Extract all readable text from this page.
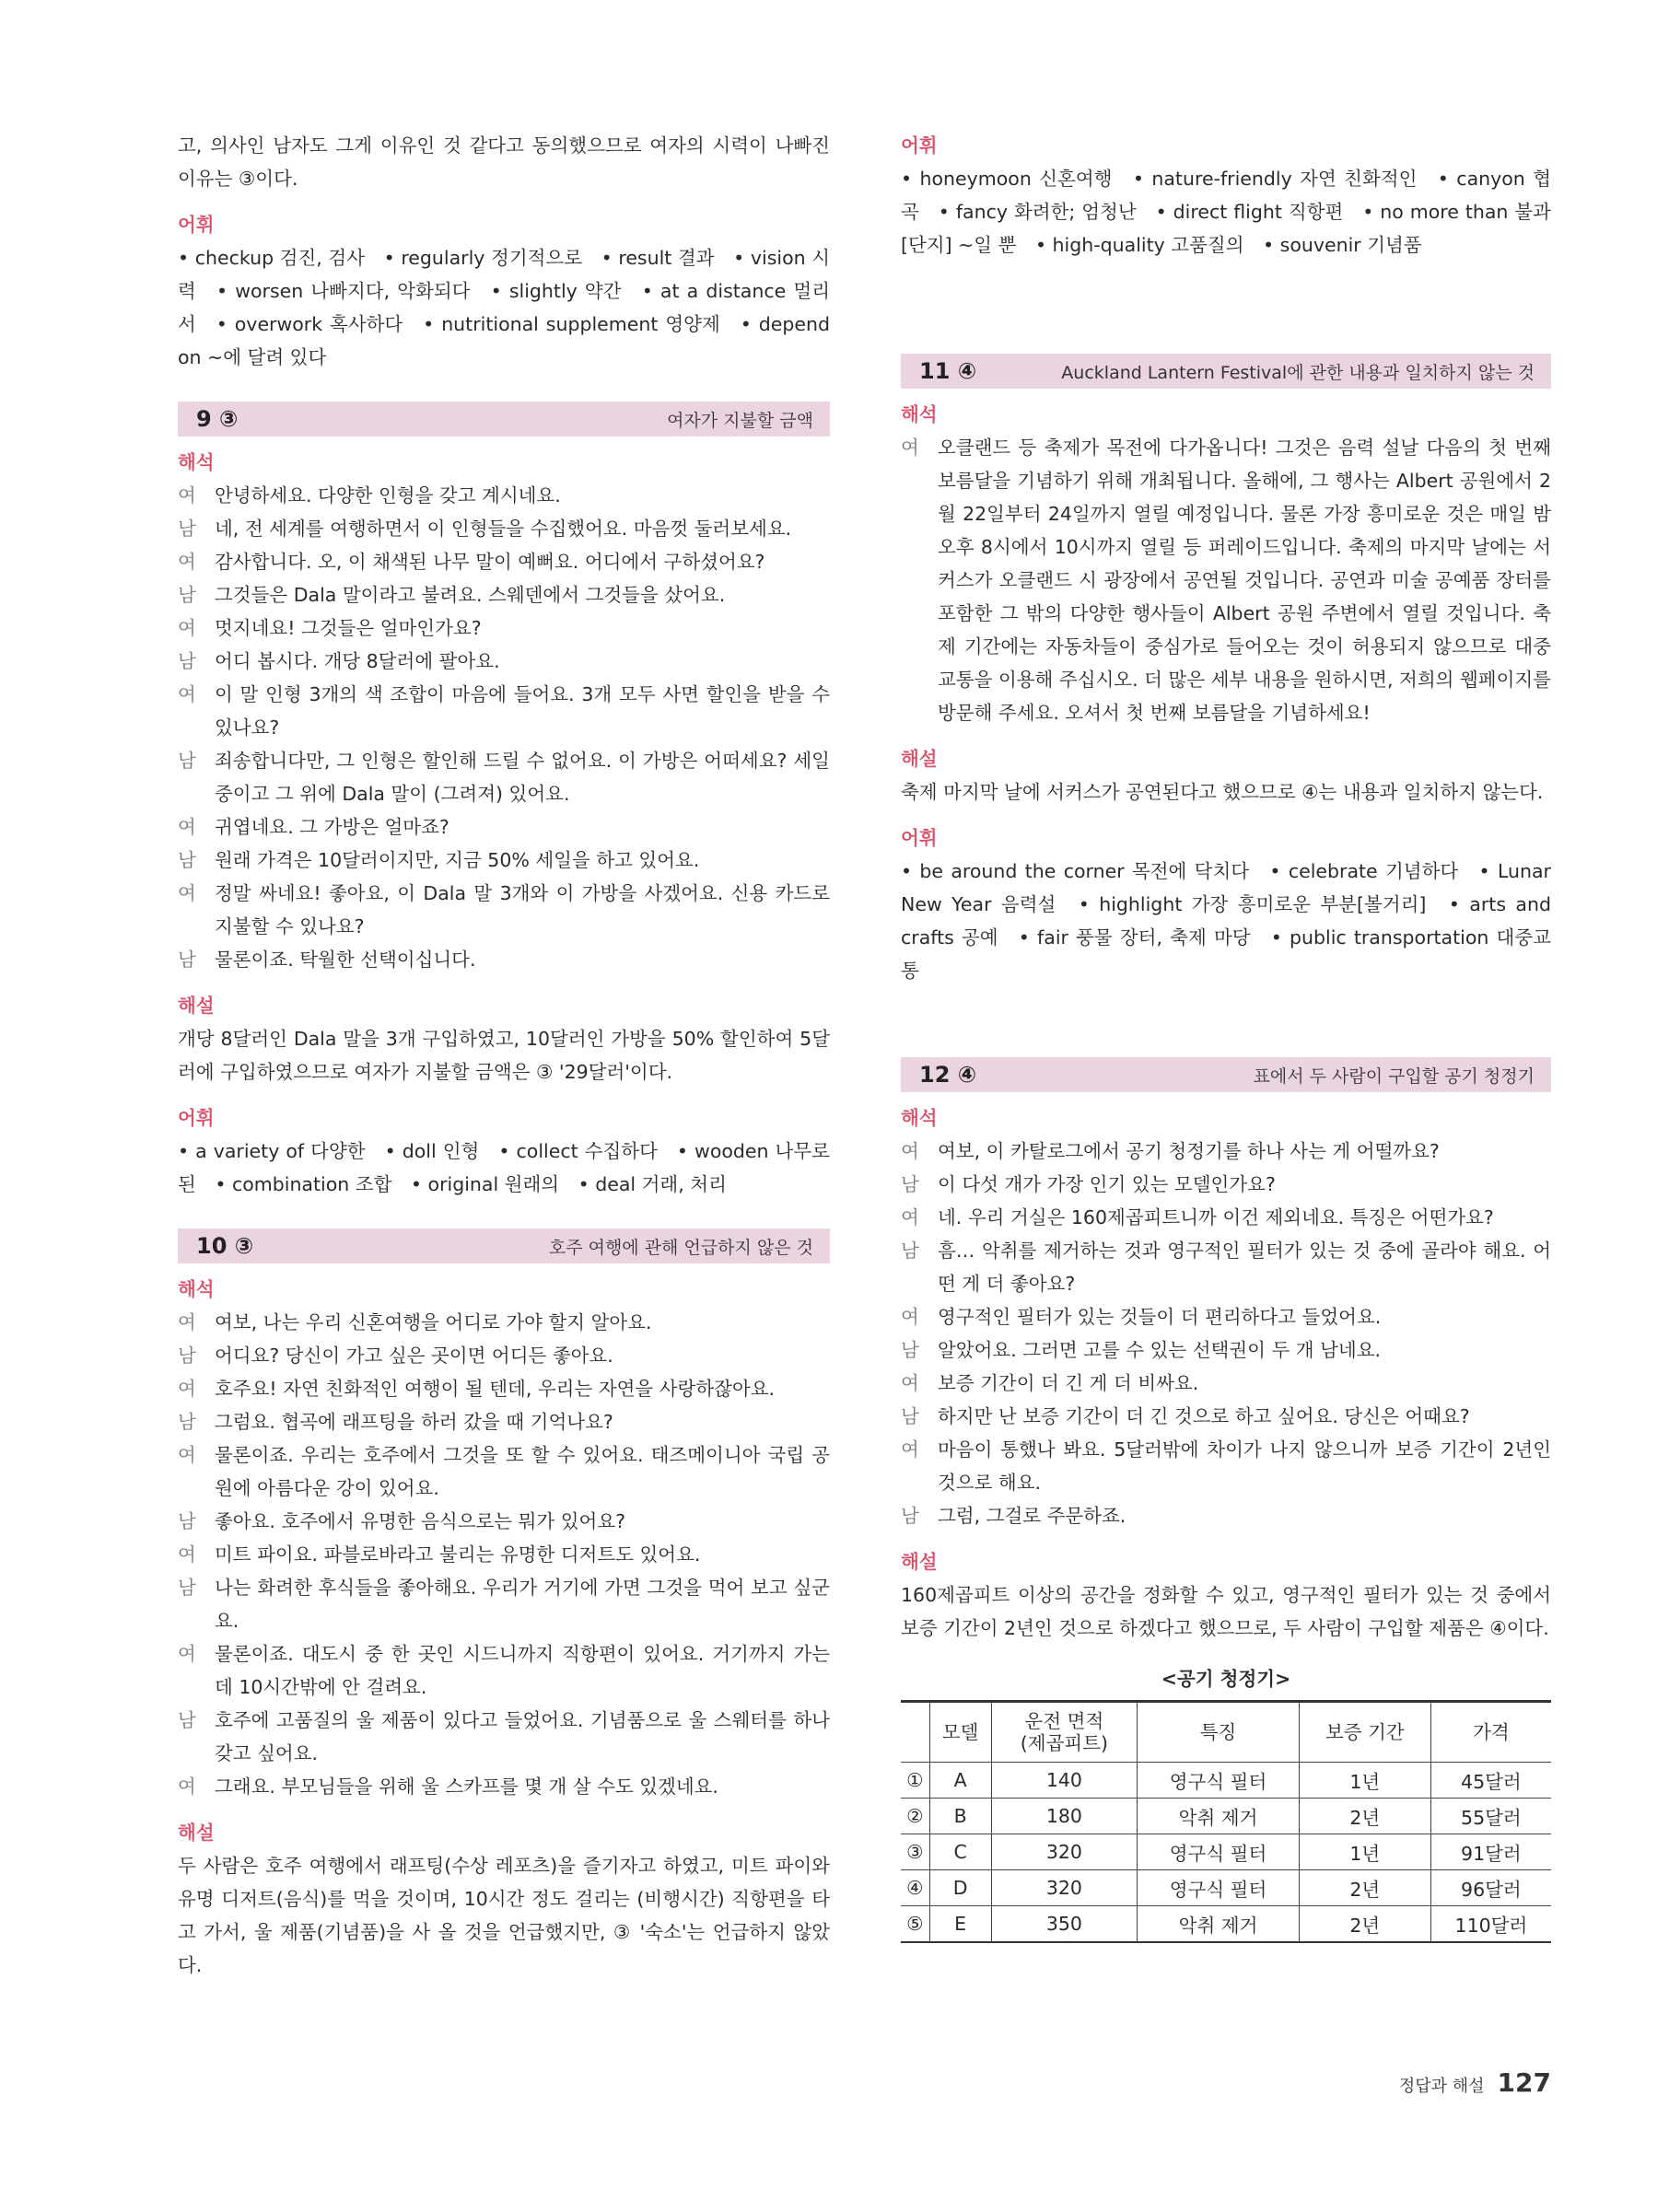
고, 의사인 남자도 그게 이유인 것 같다고 동의했으므로 여자의 시력이 나빠진 이유는 ③이다.

어휘
• checkup 검진, 검사 • regularly 정기적으로 • result 결과 • vision 시력 • worsen 나빠지다, 악화되다 • slightly 약간 • at a distance 멀리서 • overwork 혹사하다 • nutritional supplement 영양제 • depend on ~에 달려 있다
9 ③	여자가 지불할 금액
해석
여 안녕하세요. 다양한 인형을 갖고 계시네요.
남 네, 전 세계를 여행하면서 이 인형들을 수집했어요. 마음껏 둘러보세요.
여 감사합니다. 오, 이 채색된 나무 말이 예뻐요. 어디에서 구하셨어요?
남 그것들은 Dala 말이라고 불려요. 스웨덴에서 그것들을 샀어요.
여 멋지네요! 그것들은 얼마인가요?
남 어디 봅시다. 개당 8달러에 팔아요.
여 이 말 인형 3개의 색 조합이 마음에 들어요. 3개 모두 사면 할인을 받을 수 있나요?
남 죄송합니다만, 그 인형은 할인해 드릴 수 없어요. 이 가방은 어떠세요? 세일 중이고 그 위에 Dala 말이 (그려져) 있어요.
여 귀엽네요. 그 가방은 얼마죠?
남 원래 가격은 10달러이지만, 지금 50% 세일을 하고 있어요.
여 정말 싸네요! 좋아요, 이 Dala 말 3개와 이 가방을 사겠어요. 신용 카드로 지불할 수 있나요?
남 물론이죠. 탁월한 선택이십니다.
해설

개당 8달러인 Dala 말을 3개 구입하였고, 10달러인 가방을 50% 할인하여 5달러에 구입하였으므로 여자가 지불할 금액은 ③ '29달러'이다.

어휘
• a variety of 다양한 • doll 인형 • collect 수집하다 • wooden 나무로 된 • combination 조합 • original 원래의 • deal 거래, 처리
10 ③	호주 여행에 관해 언급하지 않은 것
해석
여 여보, 나는 우리 신혼여행을 어디로 가야 할지 알아요.
남 어디요? 당신이 가고 싶은 곳이면 어디든 좋아요.
여 호주요! 자연 친화적인 여행이 될 텐데, 우리는 자연을 사랑하잖아요.
남 그럼요. 협곡에 래프팅을 하러 갔을 때 기억나요?
여 물론이죠. 우리는 호주에서 그것을 또 할 수 있어요. 태즈메이니아 국립 공원에 아름다운 강이 있어요.
남 좋아요. 호주에서 유명한 음식으로는 뭐가 있어요?
여 미트 파이요. 파블로바라고 불리는 유명한 디저트도 있어요.
남 나는 화려한 후식들을 좋아해요. 우리가 거기에 가면 그것을 먹어 보고 싶군요.
여 물론이죠. 대도시 중 한 곳인 시드니까지 직항편이 있어요. 거기까지 가는 데 10시간밖에 안 걸려요.
남 호주에 고품질의 울 제품이 있다고 들었어요. 기념품으로 울 스웨터를 하나 갖고 싶어요.
여 그래요. 부모님들을 위해 울 스카프를 몇 개 살 수도 있겠네요.
해설

두 사람은 호주 여행에서 래프팅(수상 레포츠)을 즐기자고 하였고, 미트 파이와 유명 디저트(음식)를 먹을 것이며, 10시간 정도 걸리는 (비행시간) 직항편을 타고 가서, 울 제품(기념품)을 사 올 것을 언급했지만, ③ '숙소'는 언급하지 않았다.

어휘
• honeymoon 신혼여행 • nature-friendly 자연 친화적인 • canyon 협곡 • fancy 화려한; 엄청난 • direct flight 직항편 • no more than 불과[단지] ~일 뿐 • high-quality 고품질의 • souvenir 기념품
11 ④	Auckland Lantern Festival에 관한 내용과 일치하지 않는 것
해석
여 오클랜드 등 축제가 목전에 다가옵니다! 그것은 음력 설날 다음의 첫 번째 보름달을 기념하기 위해 개최됩니다. 올해에, 그 행사는 Albert 공원에서 2월 22일부터 24일까지 열릴 예정입니다. 물론 가장 흥미로운 것은 매일 밤 오후 8시에서 10시까지 열릴 등 퍼레이드입니다. 축제의 마지막 날에는 서커스가 오클랜드 시 광장에서 공연될 것입니다. 공연과 미술 공예품 장터를 포함한 그 밖의 다양한 행사들이 Albert 공원 주변에서 열릴 것입니다. 축제 기간에는 자동차들이 중심가로 들어오는 것이 허용되지 않으므로 대중교통을 이용해 주십시오. 더 많은 세부 내용을 원하시면, 저희의 웹페이지를 방문해 주세요. 오셔서 첫 번째 보름달을 기념하세요!
해설

축제 마지막 날에 서커스가 공연된다고 했으므로 ④는 내용과 일치하지 않는다.

어휘
• be around the corner 목전에 닥치다 • celebrate 기념하다 • Lunar New Year 음력설 • highlight 가장 흥미로운 부분[볼거리] • arts and crafts 공예 • fair 풍물 장터, 축제 마당 • public transportation 대중교통
12 ④	표에서 두 사람이 구입할 공기 청정기
해석
여 여보, 이 카탈로그에서 공기 청정기를 하나 사는 게 어떨까요?
남 이 다섯 개가 가장 인기 있는 모델인가요?
여 네. 우리 거실은 160제곱피트니까 이건 제외네요. 특징은 어떤가요?
남 흠… 악취를 제거하는 것과 영구적인 필터가 있는 것 중에 골라야 해요. 어떤 게 더 좋아요?
여 영구적인 필터가 있는 것들이 더 편리하다고 들었어요.
남 알았어요. 그러면 고를 수 있는 선택권이 두 개 남네요.
여 보증 기간이 더 긴 게 더 비싸요.
남 하지만 난 보증 기간이 더 긴 것으로 하고 싶어요. 당신은 어때요?
여 마음이 통했나 봐요. 5달러밖에 차이가 나지 않으니까 보증 기간이 2년인 것으로 해요.
남 그럼, 그걸로 주문하죠.
해설

160제곱피트 이상의 공간을 정화할 수 있고, 영구적인 필터가 있는 것 중에서 보증 기간이 2년인 것으로 하겠다고 했으므로, 두 사람이 구입할 제품은 ④이다.

<공기 청정기>
	모델	운전 면적
(제곱피트)	특징	보증 기간	가격
①	A	140	영구식 필터	1년	45달러
②	B	180	악취 제거	2년	55달러
③	C	320	영구식 필터	1년	91달러
④	D	320	영구식 필터	2년	96달러
⑤	E	350	악취 제거	2년	110달러
정답과 해설 127
